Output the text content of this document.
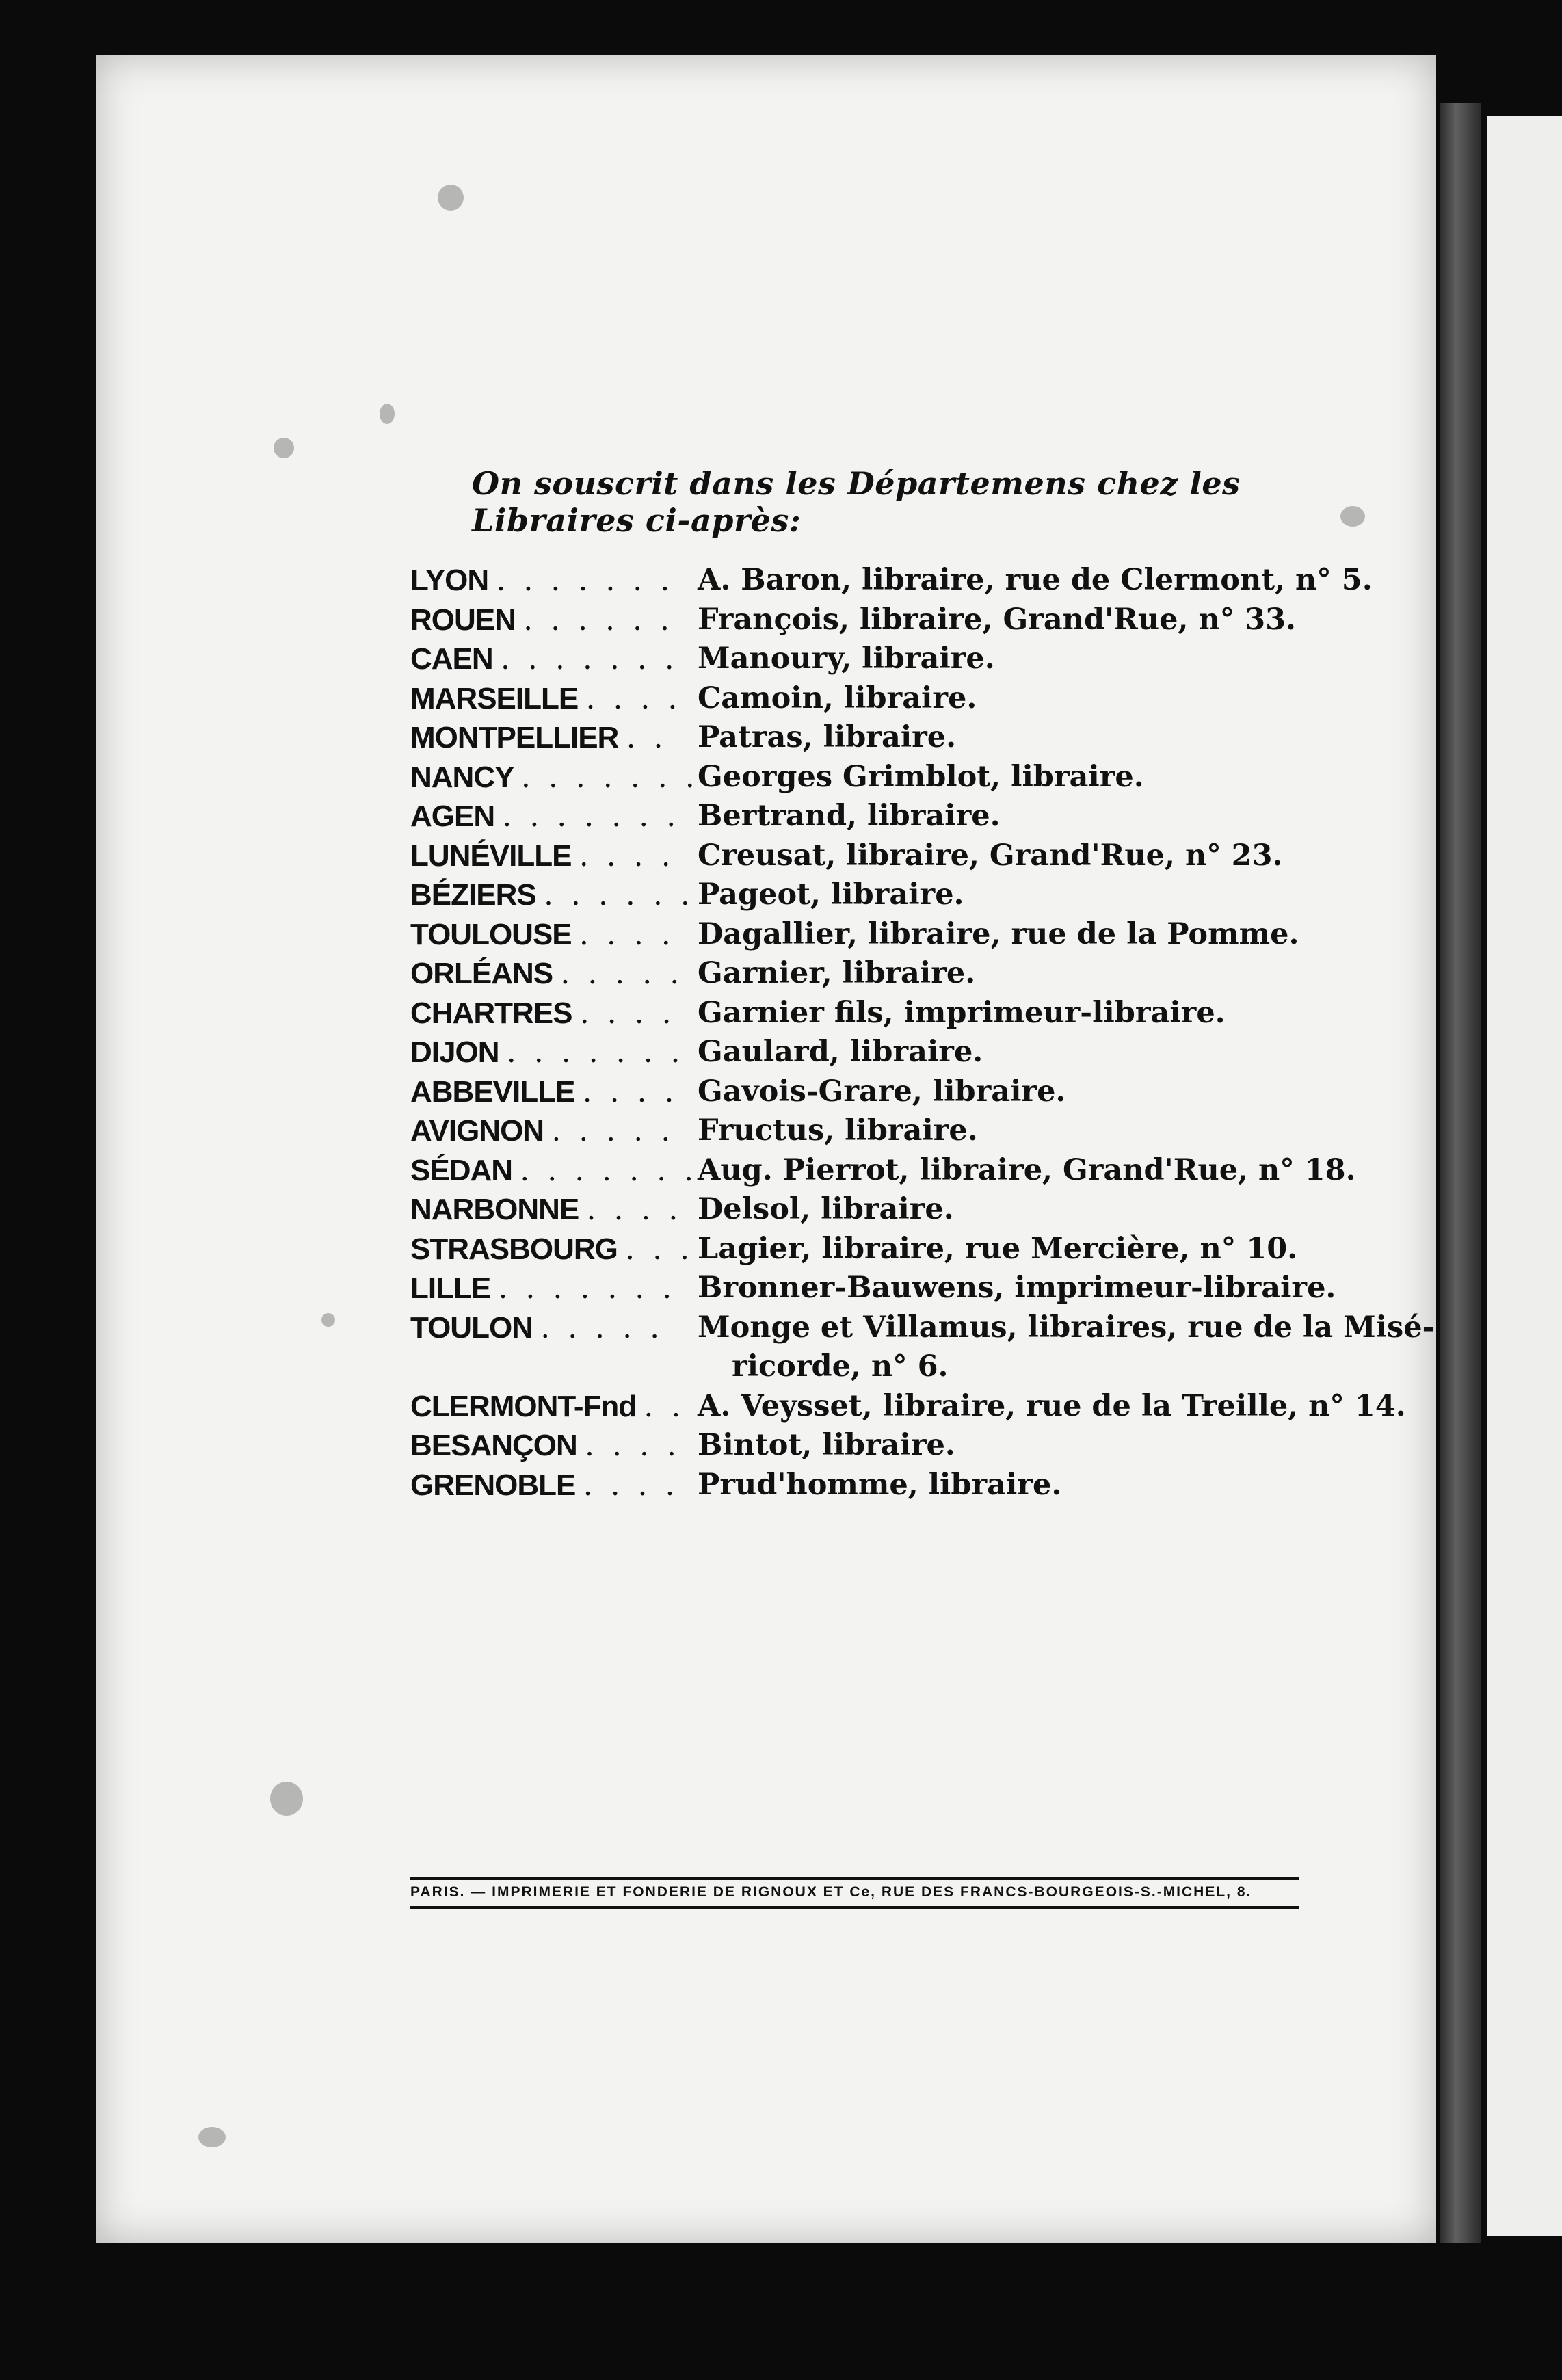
On souscrit dans les Départemens chez les Libraires ci-après:
LYON . . . . . . . A. Baron, libraire, rue de Clermont, n° 5.
ROUEN . . . . . . François, libraire, Grand'Rue, n° 33.
CAEN . . . . . . . Manoury, libraire.
MARSEILLE . . . . Camoin, libraire.
MONTPELLIER . .	Patras, libraire.
NANCY . . . . . . .
Georges Grimblot, libraire.
AGEN . . . . . . . Bertrand, libraire.
LUNÉVILLE . . . . Creusat, libraire, Grand'Rue, n° 23.
BÉZIERS . . . . . . Pageot, libraire.
TOULOUSE . . . . Dagallier, libraire, rue de la Pomme.
ORLÉANS . . . . . Garnier, libraire.
CHARTRES . . . . Garnier fils, imprimeur-libraire.
DIJON . . . . . . . Gaulard, libraire.
ABBEVILLE . . . . Gavois-Grare, libraire.
AVIGNON . . . . . Fructus, libraire.
SÉDAN . . . . . . . Aug. Pierrot, libraire, Grand'Rue, n° 18.
NARBONNE . . . . Delsol, libraire.
STRASBOURG . . . Lagier, libraire, rue Mercière, n° 10.
LILLE . . . . . . . Bronner-Bauwens, imprimeur-libraire.
TOULON . . . . .	Monge et Villamus, libraires, rue de la Misé-
ricorde, n° 6.
CLERMONT-Fnd . . A. Veysset, libraire, rue de la Treille, n° 14.
BESANÇON . . . . Bintot, libraire.
GRENOBLE . . . . Prud'homme, libraire.
PARIS. — IMPRIMERIE ET FONDERIE DE RIGNOUX ET Ce, RUE DES FRANCS-BOURGEOIS-S.-MICHEL, 8.
